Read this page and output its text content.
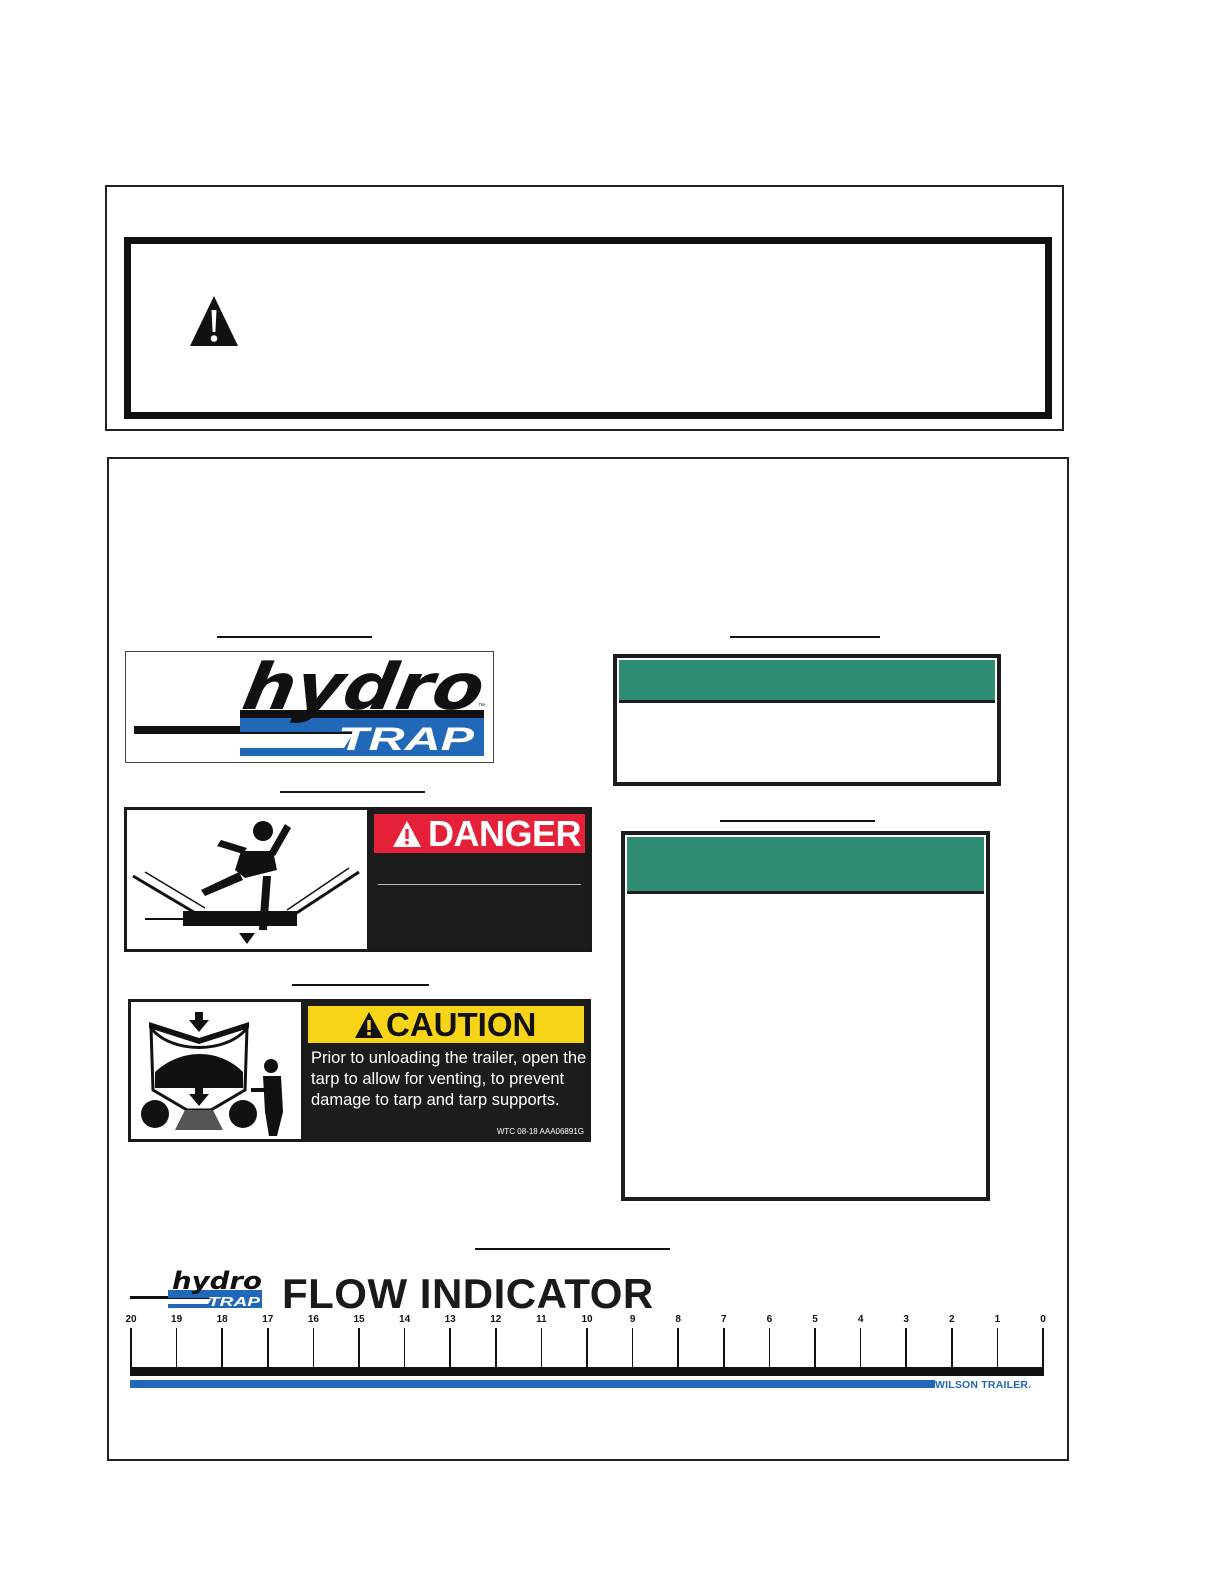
hydro
TRAP
™
DANGER
CAUTION
Prior to unloading the trailer, open the tarp to allow for venting, to prevent damage to tarp and tarp supports.
WTC 08-18 AAA06891G
hydro
TRAP FLOW INDICATOR
20	19	18	17	16	15	14	13	12	11	10	9	8	7	6	5	4	3	2	1	0
WILSON TRAILER.
